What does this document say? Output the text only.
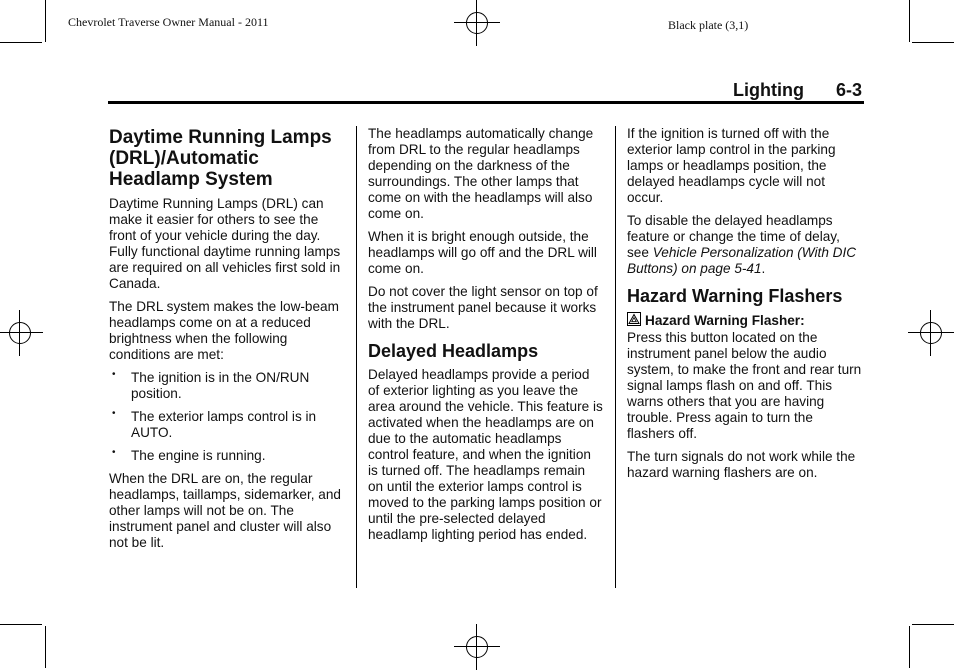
Chevrolet Traverse Owner Manual - 2011	Black plate (3,1)
Lighting 6-3
Daytime Running Lamps (DRL)/Automatic Headlamp System

Daytime Running Lamps (DRL) can make it easier for others to see the front of your vehicle during the day. Fully functional daytime running lamps are required on all vehicles first sold in Canada.

The DRL system makes the low-beam headlamps come on at a reduced brightness when the following conditions are met:

• The ignition is in the ON/RUN position.
• The exterior lamps control is in AUTO.
• The engine is running.

When the DRL are on, the regular headlamps, taillamps, sidemarker, and other lamps will not be on. The instrument panel and cluster will also not be lit.

The headlamps automatically change from DRL to the regular headlamps depending on the darkness of the surroundings. The other lamps that come on with the headlamps will also come on.

When it is bright enough outside, the headlamps will go off and the DRL will come on.

Do not cover the light sensor on top of the instrument panel because it works with the DRL.

Delayed Headlamps

Delayed headlamps provide a period of exterior lighting as you leave the area around the vehicle. This feature is activated when the headlamps are on due to the automatic headlamps control feature, and when the ignition is turned off. The headlamps remain on until the exterior lamps control is moved to the parking lamps position or until the pre-selected delayed headlamp lighting period has ended.

If the ignition is turned off with the exterior lamp control in the parking lamps or headlamps position, the delayed headlamps cycle will not occur.

To disable the delayed headlamps feature or change the time of delay, see Vehicle Personalization (With DIC Buttons) on page 5-41.

Hazard Warning Flashers

Hazard Warning Flasher:
Press this button located on the instrument panel below the audio system, to make the front and rear turn signal lamps flash on and off. This warns others that you are having trouble. Press again to turn the flashers off.

The turn signals do not work while the hazard warning flashers are on.
